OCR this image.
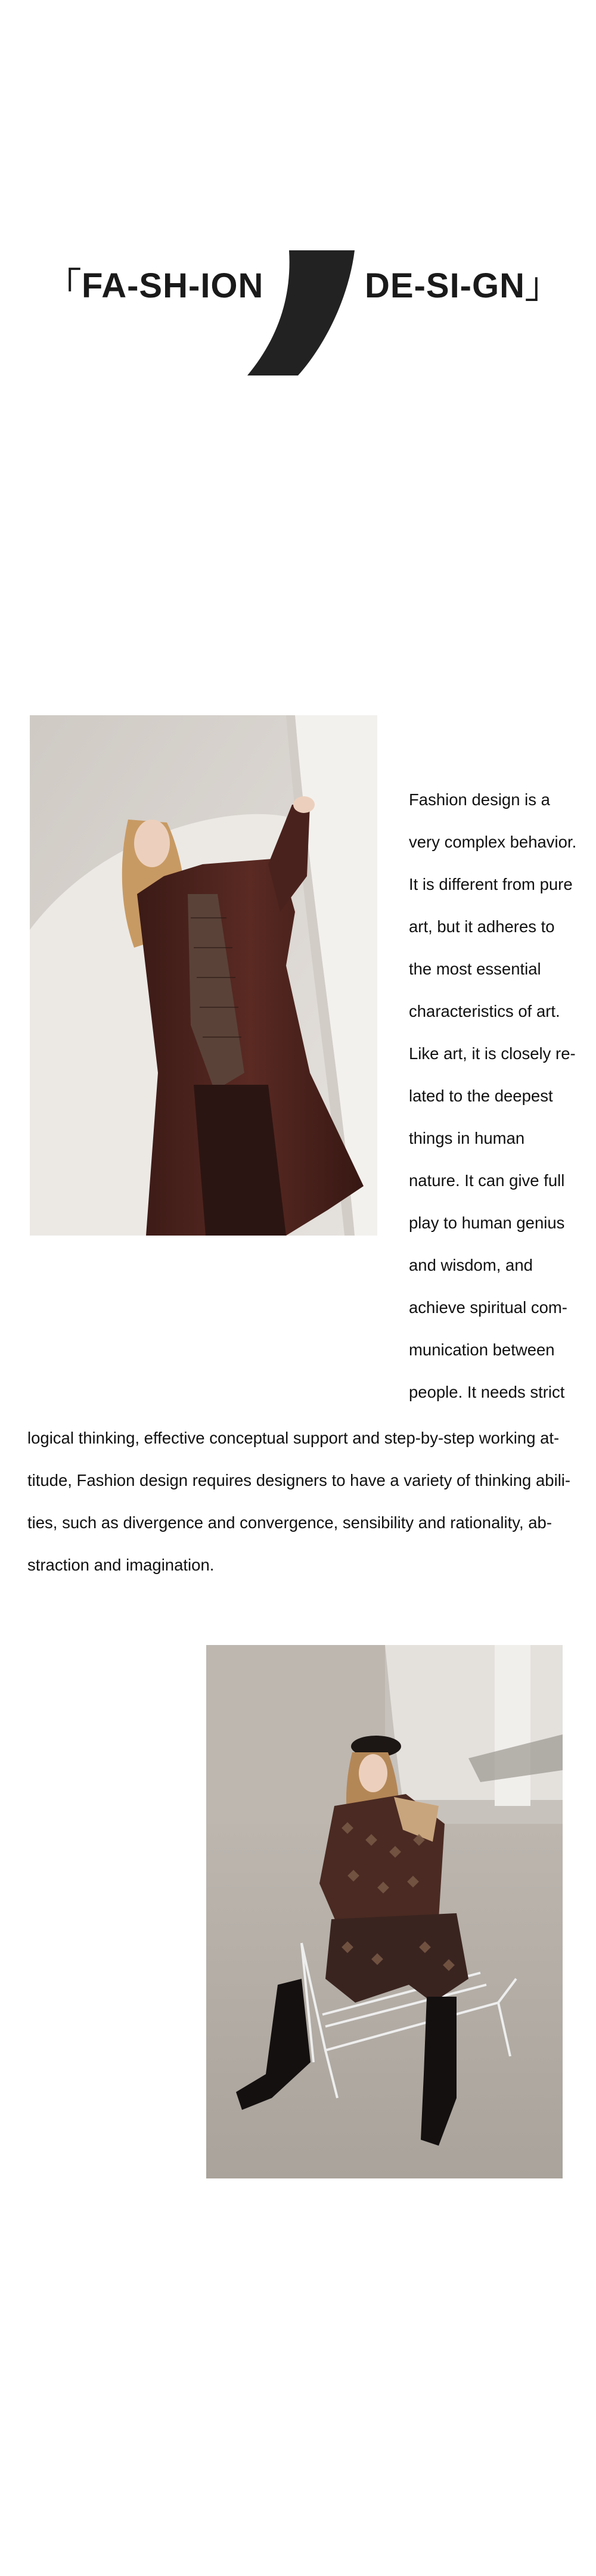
「FA-SH-ION	DE-SI-GN」
Fashion design is a
very complex behavior.
It is different from pure
art, but it adheres to
the most essential
characteristics of art.
Like art, it is closely re-
lated to the deepest
things in human
nature. It can give full
play to human genius
and wisdom, and
achieve spiritual com-
munication between
people. It needs strict
logical thinking, effective conceptual support and step-by-step working at-
titude, Fashion design requires designers to have a variety of thinking abili-
ties, such as divergence and convergence, sensibility and rationality, ab-
straction and imagination.
